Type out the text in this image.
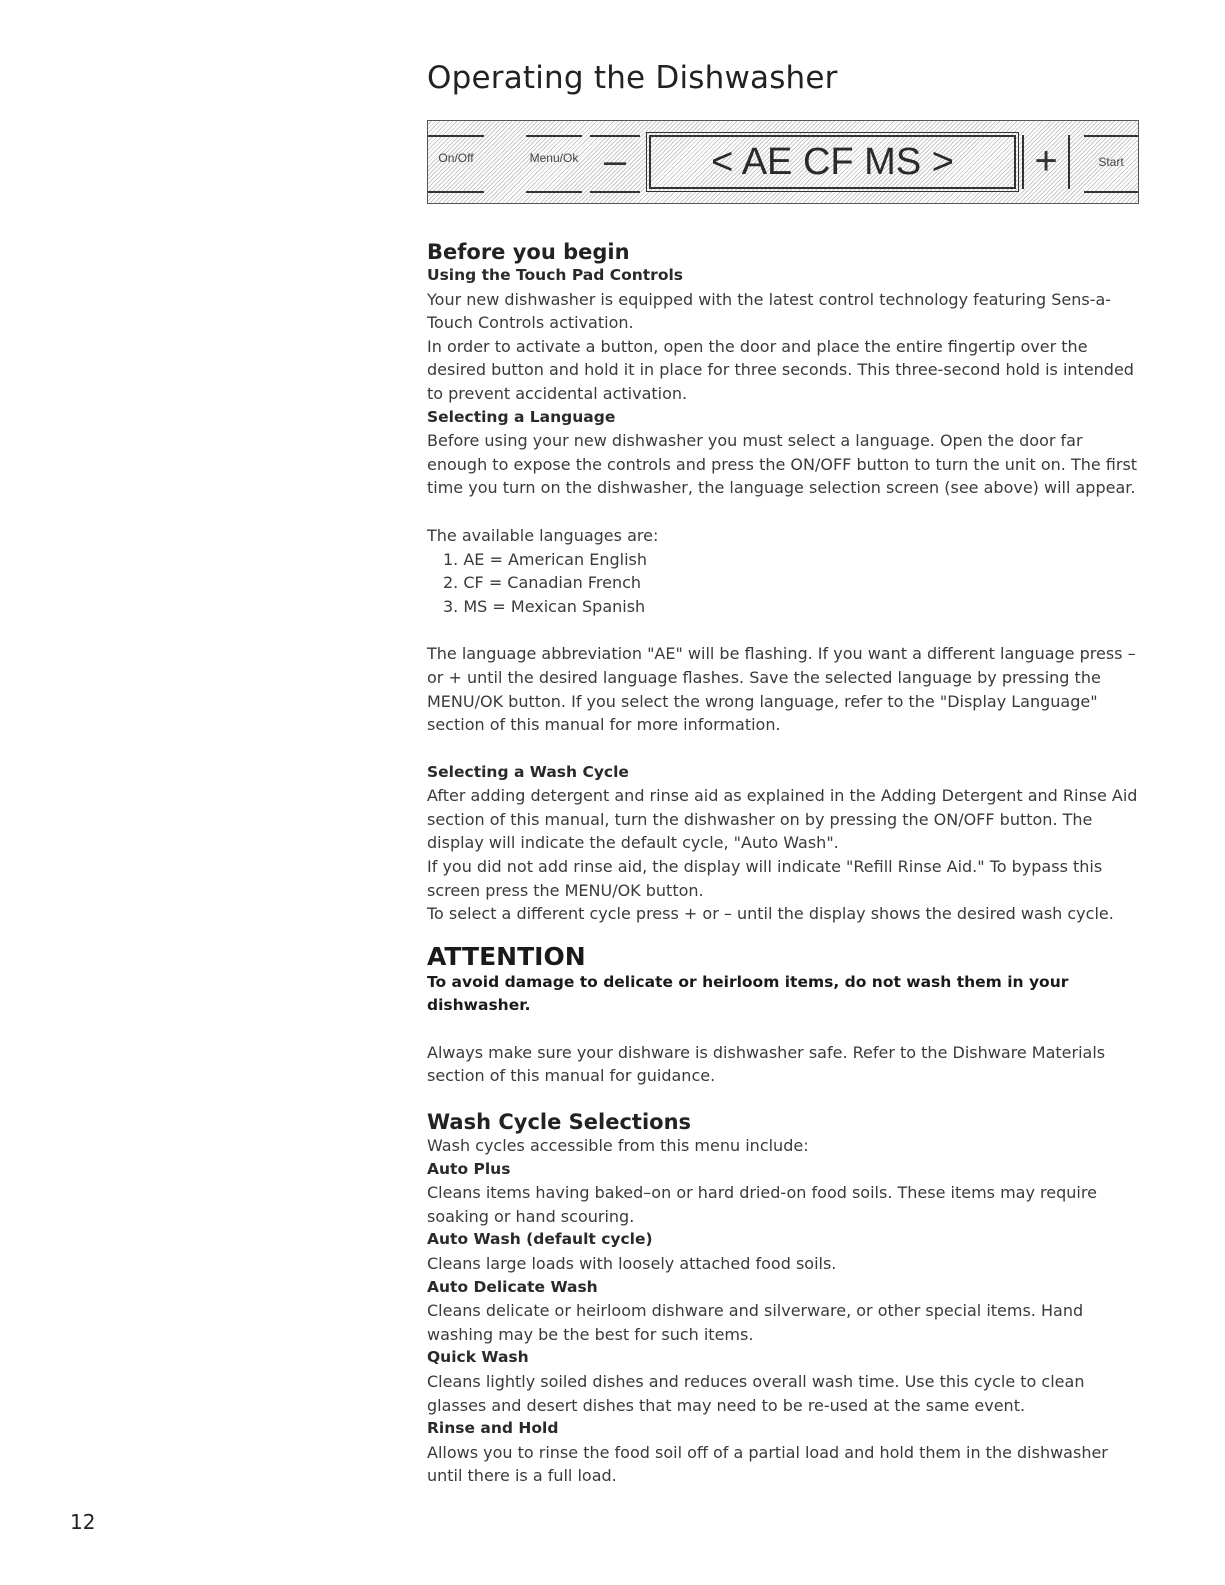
Operating the Dishwasher
On/Off	Menu/Ok –	< AE CF MS >	+	Start
Before you begin
Using the Touch Pad Controls

Your new dishwasher is equipped with the latest control technology featuring Sens-a-Touch Controls activation.

In order to activate a button, open the door and place the entire fingertip over the desired button and hold it in place for three seconds. This three-second hold is intended to prevent accidental activation.

Selecting a Language

Before using your new dishwasher you must select a language. Open the door far enough to expose the controls and press the ON/OFF button to turn the unit on. The first time you turn on the dishwasher, the language selection screen (see above) will appear.

The available languages are:

1. AE = American English

2. CF = Canadian French

3. MS = Mexican Spanish

The language abbreviation "AE" will be flashing. If you want a different language press – or + until the desired language flashes. Save the selected language by pressing the MENU/OK button. If you select the wrong language, refer to the "Display Language" section of this manual for more information.

Selecting a Wash Cycle

After adding detergent and rinse aid as explained in the Adding Detergent and Rinse Aid section of this manual, turn the dishwasher on by pressing the ON/OFF button. The display will indicate the default cycle, "Auto Wash".

If you did not add rinse aid, the display will indicate "Refill Rinse Aid." To bypass this screen press the MENU/OK button.

To select a different cycle press + or – until the display shows the desired wash cycle.

ATTENTION
To avoid damage to delicate or heirloom items, do not wash them in your dishwasher.

Always make sure your dishware is dishwasher safe. Refer to the Dishware Materials section of this manual for guidance.

Wash Cycle Selections

Wash cycles accessible from this menu include:

Auto Plus

Cleans items having baked–on or hard dried-on food soils. These items may require soaking or hand scouring.

Auto Wash (default cycle)

Cleans large loads with loosely attached food soils.

Auto Delicate Wash

Cleans delicate or heirloom dishware and silverware, or other special items. Hand washing may be the best for such items.

Quick Wash

Cleans lightly soiled dishes and reduces overall wash time. Use this cycle to clean glasses and desert dishes that may need to be re-used at the same event.

Rinse and Hold

Allows you to rinse the food soil off of a partial load and hold them in the dishwasher until there is a full load.

12
